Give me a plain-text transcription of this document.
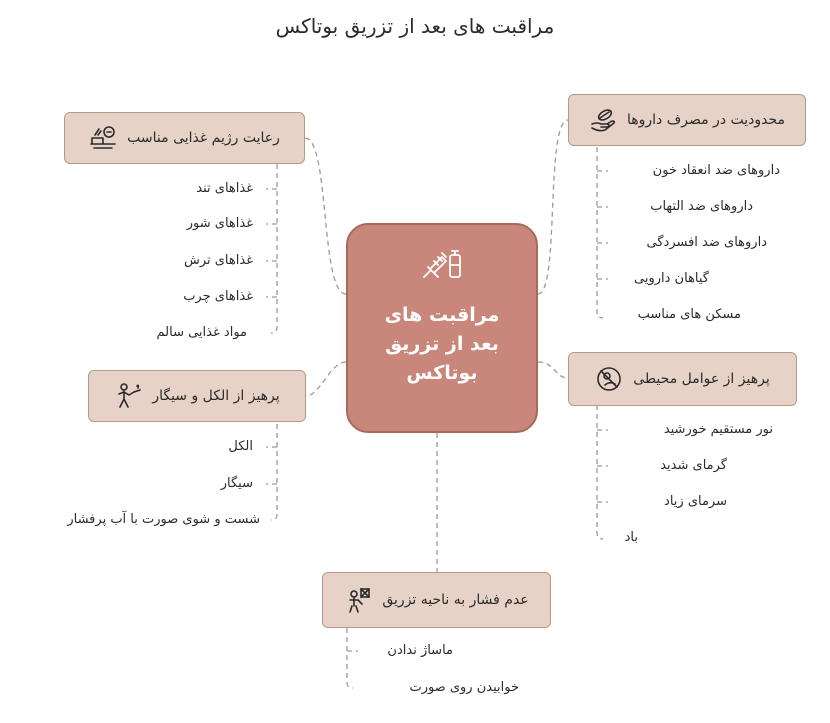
مراقبت های بعد از تزریق بوتاکس
مراقبت های
بعد از تزریق
بوتاکس
محدودیت در مصرف داروها
داروهای ضد انعقاد خون
داروهای ضد التهاب
داروهای ضد افسردگی
گیاهان دارویی
مسکن های مناسب
رعایت رژیم غذایی مناسب
غذاهای تند
غذاهای شور
غذاهای ترش
غذاهای چرب
مواد غذایی سالم
پرهیز از عوامل محیطی
نور مستقیم خورشید
گرمای شدید
سرمای زیاد
باد
پرهیز از الکل و سیگار
الکل
سیگار
شست و شوی صورت با آب پرفشار
عدم فشار به ناحیه تزریق
ماساژ ندادن
خوابیدن روی صورت
